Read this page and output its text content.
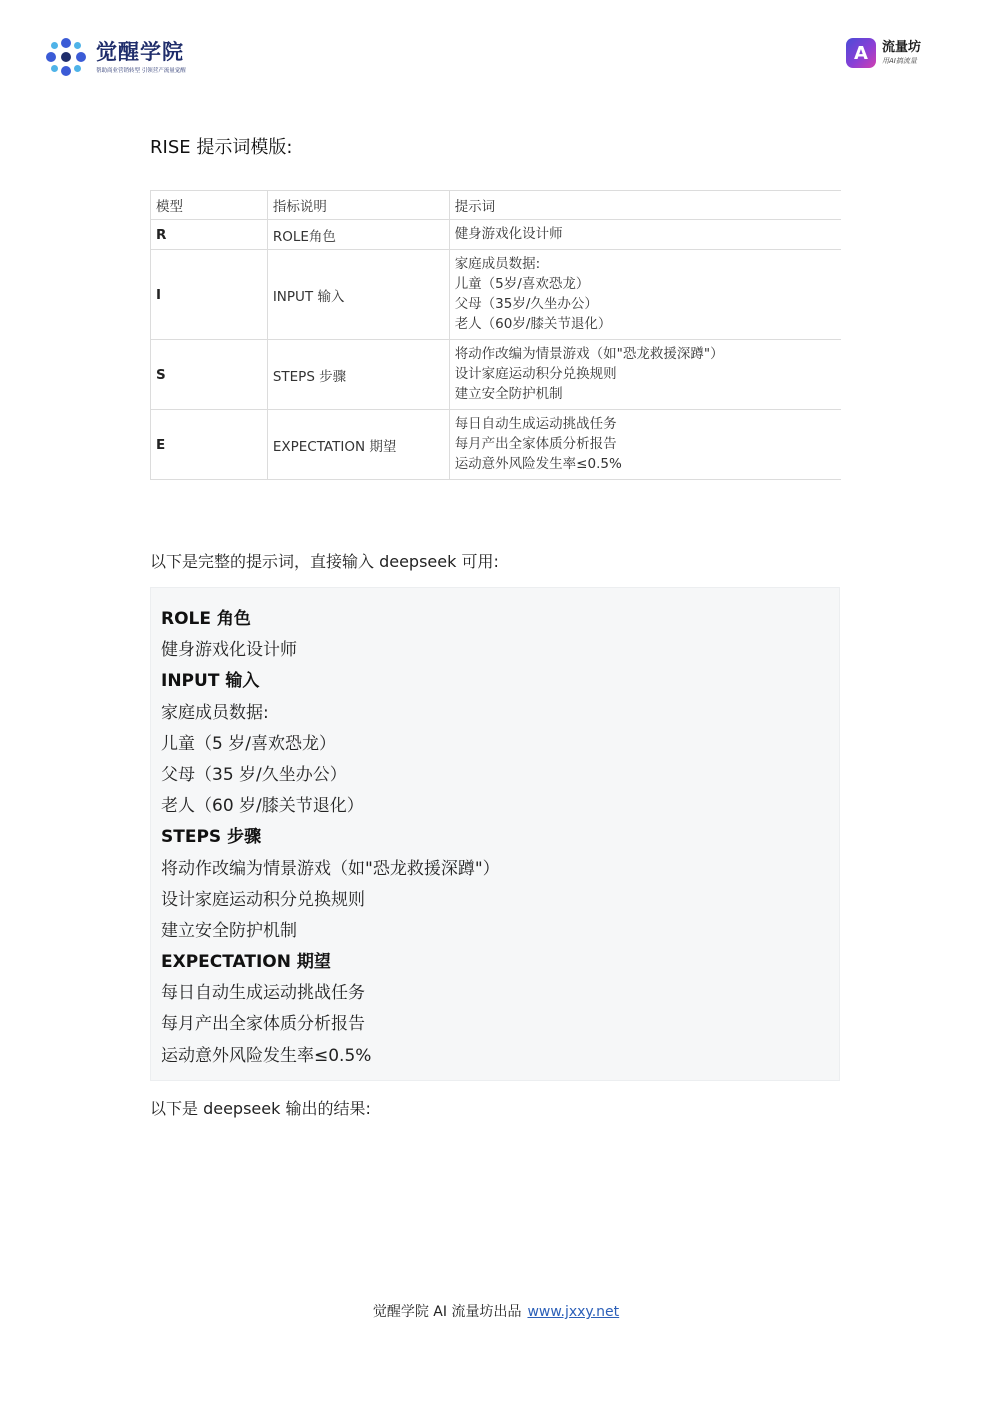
觉醒学院
帮助商业营销转型 引领营产流量觉醒
A	流量坊
用AI搞流量
RISE 提示词模版:
模型	指标说明	提示词
R	ROLE角色	健身游戏化设计师

I	INPUT 输入	家庭成员数据:
儿童（5岁/喜欢恐龙）
父母（35岁/久坐办公）
老人（60岁/膝关节退化）

S	STEPS 步骤	将动作改编为情景游戏（如"恐龙救援深蹲"）
设计家庭运动积分兑换规则
建立安全防护机制

E	EXPECTATION 期望	每日自动生成运动挑战任务
每月产出全家体质分析报告
运动意外风险发生率≤0.5%
以下是完整的提示词，直接输入 deepseek 可用:
ROLE 角色
健身游戏化设计师
INPUT 输入
家庭成员数据:
儿童（5 岁/喜欢恐龙）
父母（35 岁/久坐办公）
老人（60 岁/膝关节退化）
STEPS 步骤
将动作改编为情景游戏（如"恐龙救援深蹲"）
设计家庭运动积分兑换规则
建立安全防护机制
EXPECTATION 期望
每日自动生成运动挑战任务
每月产出全家体质分析报告
运动意外风险发生率≤0.5%
以下是 deepseek 输出的结果:
觉醒学院 AI 流量坊出品 www.jxxy.net
